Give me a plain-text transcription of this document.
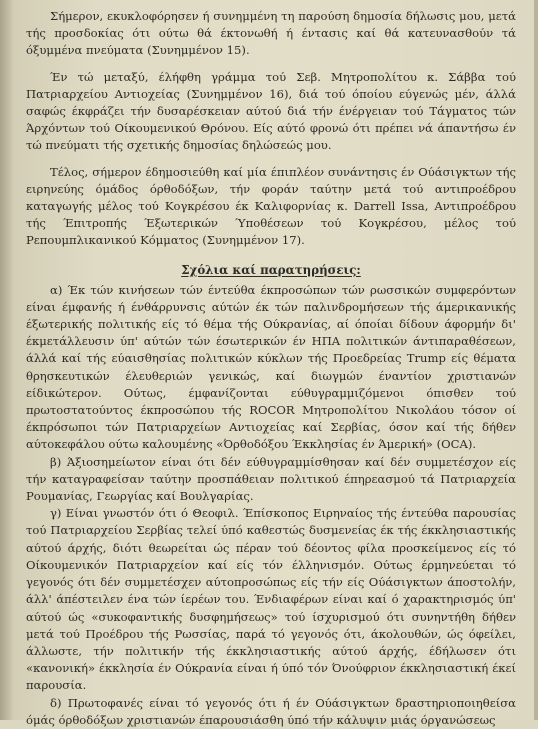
Σήμερον, εκυκλοφόρησεν ή συνημμένη τη παρούση δημοσία δήλωσις μου, μετά τής προσδοκίας ότι ούτω θά έκτονωθή ή έντασις καί θά κατευνασθούν τά όξυμμένα πνεύματα (Συνημμένον 15).

Έν τώ μεταξύ, έλήφθη γράμμα τού Σεβ. Μητροπολίτου κ. Σάββα τού Πατριαρχείου Αντιοχείας (Συνημμένον 16), διά τού όποίου εύγενώς μέν, άλλά σαφώς έκφράζει τήν δυσαρέσκειαν αύτού διά τήν ένέργειαν τού Τάγματος τών Άρχόντων τού Οίκουμενικού Θρόνου. Είς αύτό φρονώ ότι πρέπει νά άπαντήσω έν τώ πνεύματι τής σχετικής δημοσίας δηλώσεώς μου.

Τέλος, σήμερον έδημοσιεύθη καί μία έπιπλέον συνάντησις έν Ούάσιγκτων τής ειρηνεύης όμάδος όρθοδόξων, τήν φοράν ταύτην μετά τού αντιπροέδρου καταγωγής μέλος τού Κογκρέσου έκ Καλιφορνίας κ. Darrell Issa, Αντιπροέδρου τής Έπιτροπής Έξωτερικών Ύποθέσεων τού Κογκρέσου, μέλος τού Ρεπουμπλικανικού Κόμματος (Συνημμένον 17).

Σχόλια καί παρατηρήσεις:

α) Έκ τών κινήσεων τών έντεύθα έκπροσώπων τών ρωσσικών συμφερόντων είναι έμφανής ή ένθάρρυνσις αύτών έκ τών παλινδρομήσεων τής άμερικανικής έξωτερικής πολιτικής είς τό θέμα τής Ούκρανίας, αί όποίαι δίδουν άφορμήν δι' έκμετάλλευσιν ύπ' αύτών τών έσωτερικών έν ΗΠΑ πολιτικών άντιπαραθέσεων, άλλά καί τής εύαισθησίας πολιτικών κύκλων τής Προεδρείας Trump είς θέματα θρησκευτικών έλευθεριών γενικώς, καί διωγμών έναντίον χριστιανών είδικώτερον. Ούτως, έμφανίζονται εύθυγραμμιζόμενοι όπισθεν τού πρωτοστατούντος έκπροσώπου τής ROCOR Μητροπολίτου Νικολάου τόσον οί έκπρόσωποι τών Πατριαρχείων Αντιοχείας καί Σερβίας, όσον καί τής δήθεν αύτοκεφάλου ούτω καλουμένης «Όρθοδόξου Έκκλησίας έν Άμερική» (OCA).

β) Άξιοσημείωτον είναι ότι δέν εύθυγραμμίσθησαν καί δέν συμμετέσχον είς τήν καταγραφείσαν ταύτην προσπάθειαν πολιτικού έπηρεασμού τά Πατριαρχεία Ρουμανίας, Γεωργίας καί Βουλγαρίας.

γ) Είναι γνωστόν ότι ό Θεοφιλ. Έπίσκοπος Ειρηναίος τής έντεύθα παρουσίας τού Πατριαρχείου Σερβίας τελεί ύπό καθεστώς δυσμενείας έκ τής έκκλησιαστικής αύτού άρχής, διότι θεωρείται ώς πέραν τού δέοντος φίλα προσκείμενος είς τό Οίκουμενικόν Πατριαρχείον καί είς τόν έλληνισμόν. Ούτως έρμηνεύεται τό γεγονός ότι δέν συμμετέσχεν αύτοπροσώπως είς τήν είς Ούάσιγκτων άποστολήν, άλλ' άπέστειλεν ένα τών ίερέων του. Ένδιαφέρων είναι καί ό χαρακτηρισμός ύπ' αύτού ώς «συκοφαντικής δυσφημήσεως» τού ίσχυρισμού ότι συνηντήθη δήθεν μετά τού Προέδρου τής Ρωσσίας, παρά τό γεγονός ότι, άκολουθών, ώς όφείλει, άλλωστε, τήν πολιτικήν τής έκκλησιαστικής αύτού άρχής, έδήλωσεν ότι «κανονική» έκκλησία έν Ούκρανία είναι ή ύπό τόν Όνούφριον έκκλησιαστική έκεί παρουσία.

δ) Πρωτοφανές είναι τό γεγονός ότι ή έν Ούάσιγκτων δραστηριοποιηθείσα όμάς όρθοδόξων χριστιανών έπαρουσιάσθη ύπό τήν κάλυψιν μιάς όργανώσεως
